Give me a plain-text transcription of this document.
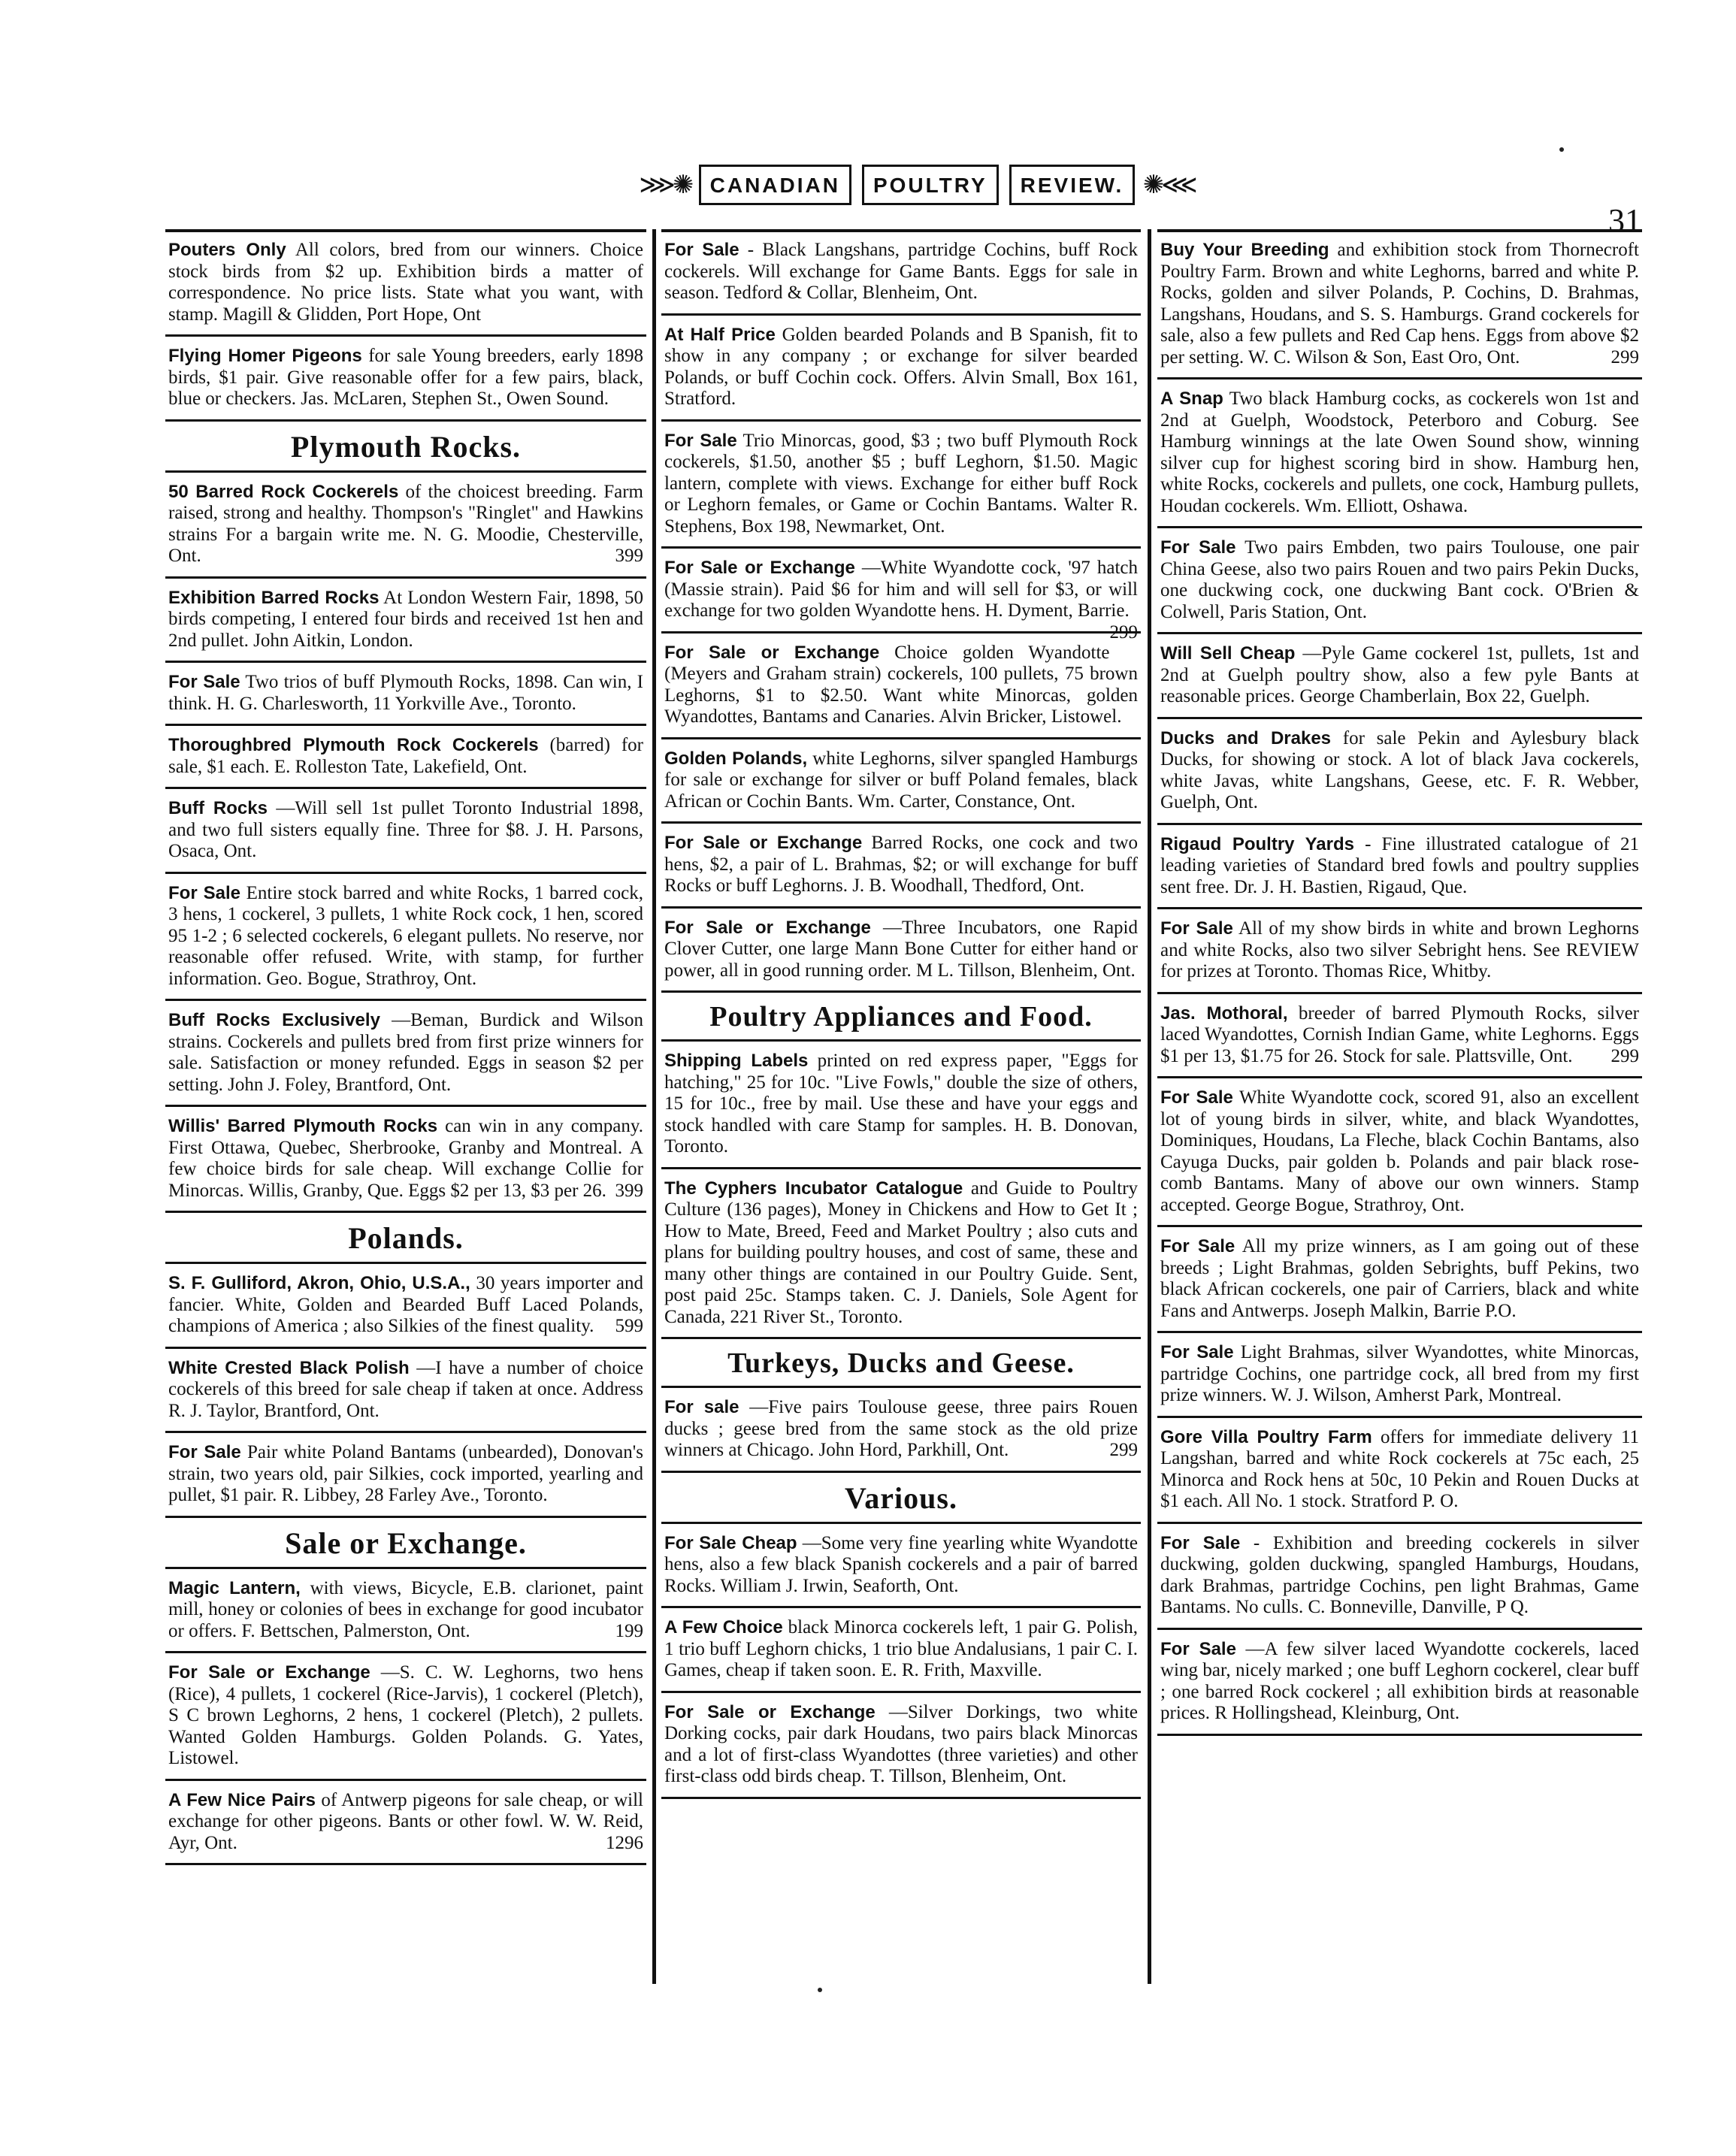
⋙✺ CANADIAN	POULTRY	REVIEW. ✺⋘
31
Pouters Only All colors, bred from our winners. Choice stock birds from $2 up. Exhibition birds a matter of correspondence. No price lists. State what you want, with stamp. Magill & Glidden, Port Hope, Ont
Flying Homer Pigeons for sale Young breeders, early 1898 birds, $1 pair. Give reasonable offer for a few pairs, black, blue or checkers. Jas. McLaren, Stephen St., Owen Sound.
Plymouth Rocks.
50 Barred Rock Cockerels of the choicest breeding. Farm raised, strong and healthy. Thompson's "Ringlet" and Hawkins strains For a bargain write me. N. G. Moodie, Chesterville, Ont.	399
Exhibition Barred Rocks At London Western Fair, 1898, 50 birds competing, I entered four birds and received 1st hen and 2nd pullet. John Aitkin, London.
For Sale Two trios of buff Plymouth Rocks, 1898. Can win, I think. H. G. Charlesworth, 11 Yorkville Ave., Toronto.
Thoroughbred Plymouth Rock Cockerels (barred) for sale, $1 each. E. Rolleston Tate, Lakefield, Ont.
Buff Rocks —Will sell 1st pullet Toronto Industrial 1898, and two full sisters equally fine. Three for $8. J. H. Parsons, Osaca, Ont.
For Sale Entire stock barred and white Rocks, 1 barred cock, 3 hens, 1 cockerel, 3 pullets, 1 white Rock cock, 1 hen, scored 95 1-2 ; 6 selected cockerels, 6 elegant pullets. No reserve, nor reasonable offer refused. Write, with stamp, for further information. Geo. Bogue, Strathroy, Ont.
Buff Rocks Exclusively —Beman, Burdick and Wilson strains. Cockerels and pullets bred from first prize winners for sale. Satisfaction or money refunded. Eggs in season $2 per setting. John J. Foley, Brantford, Ont.
Willis' Barred Plymouth Rocks can win in any company. First Ottawa, Quebec, Sherbrooke, Granby and Montreal. A few choice birds for sale cheap. Will exchange Collie for Minorcas. Willis, Granby, Que. Eggs $2 per 13, $3 per 26. 399
Polands.
S. F. Gulliford, Akron, Ohio, U.S.A., 30 years importer and fancier. White, Golden and Bearded Buff Laced Polands, champions of America ; also Silkies of the finest quality. 599
White Crested Black Polish —I have a number of choice cockerels of this breed for sale cheap if taken at once. Address R. J. Taylor, Brantford, Ont.
For Sale Pair white Poland Bantams (unbearded), Donovan's strain, two years old, pair Silkies, cock imported, yearling and pullet, $1 pair. R. Libbey, 28 Farley Ave., Toronto.
Sale or Exchange.
Magic Lantern, with views, Bicycle, E.B. clarionet, paint mill, honey or colonies of bees in exchange for good incubator or offers. F. Bettschen, Palmerston, Ont.	199
For Sale or Exchange —S. C. W. Leghorns, two hens (Rice), 4 pullets, 1 cockerel (Rice-Jarvis), 1 cockerel (Pletch), S C brown Leghorns, 2 hens, 1 cockerel (Pletch), 2 pullets. Wanted Golden Hamburgs. Golden Polands. G. Yates, Listowel.
A Few Nice Pairs of Antwerp pigeons for sale cheap, or will exchange for other pigeons. Bants or other fowl. W. W. Reid, Ayr, Ont.	1296
For Sale - Black Langshans, partridge Cochins, buff Rock cockerels. Will exchange for Game Bants. Eggs for sale in season. Tedford & Collar, Blenheim, Ont.
At Half Price Golden bearded Polands and B Spanish, fit to show in any company ; or exchange for silver bearded Polands, or buff Cochin cock. Offers. Alvin Small, Box 161, Stratford.
For Sale Trio Minorcas, good, $3 ; two buff Plymouth Rock cockerels, $1.50, another $5 ; buff Leghorn, $1.50. Magic lantern, complete with views. Exchange for either buff Rock or Leghorn females, or Game or Cochin Bantams. Walter R. Stephens, Box 198, Newmarket, Ont.
For Sale or Exchange —White Wyandotte cock, '97 hatch (Massie strain). Paid $6 for him and will sell for $3, or will exchange for two golden Wyandotte hens. H. Dyment, Barrie.
299
For Sale or Exchange Choice golden Wyandotte (Meyers and Graham strain) cockerels, 100 pullets, 75 brown Leghorns, $1 to $2.50. Want white Minorcas, golden Wyandottes, Bantams and Canaries. Alvin Bricker, Listowel.
Golden Polands, white Leghorns, silver spangled Hamburgs for sale or exchange for silver or buff Poland females, black African or Cochin Bants. Wm. Carter, Constance, Ont.
For Sale or Exchange Barred Rocks, one cock and two hens, $2, a pair of L. Brahmas, $2; or will exchange for buff Rocks or buff Leghorns. J. B. Woodhall, Thedford, Ont.
For Sale or Exchange —Three Incubators, one Rapid Clover Cutter, one large Mann Bone Cutter for either hand or power, all in good running order. M L. Tillson, Blenheim, Ont.
Poultry Appliances and Food.
Shipping Labels printed on red express paper, "Eggs for hatching," 25 for 10c. "Live Fowls," double the size of others, 15 for 10c., free by mail. Use these and have your eggs and stock handled with care Stamp for samples. H. B. Donovan, Toronto.
The Cyphers Incubator Catalogue and Guide to Poultry Culture (136 pages), Money in Chickens and How to Get It ; How to Mate, Breed, Feed and Market Poultry ; also cuts and plans for building poultry houses, and cost of same, these and many other things are contained in our Poultry Guide. Sent, post paid 25c. Stamps taken. C. J. Daniels, Sole Agent for Canada, 221 River St., Toronto.
Turkeys, Ducks and Geese.
For sale —Five pairs Toulouse geese, three pairs Rouen ducks ; geese bred from the same stock as the old prize winners at Chicago. John Hord, Parkhill, Ont.	299
Various.
For Sale Cheap —Some very fine yearling white Wyandotte hens, also a few black Spanish cockerels and a pair of barred Rocks. William J. Irwin, Seaforth, Ont.
A Few Choice black Minorca cockerels left, 1 pair G. Polish, 1 trio buff Leghorn chicks, 1 trio blue Andalusians, 1 pair C. I. Games, cheap if taken soon. E. R. Frith, Maxville.
For Sale or Exchange —Silver Dorkings, two white Dorking cocks, pair dark Houdans, two pairs black Minorcas and a lot of first-class Wyandottes (three varieties) and other first-class odd birds cheap. T. Tillson, Blenheim, Ont.
Buy Your Breeding and exhibition stock from Thornecroft Poultry Farm. Brown and white Leghorns, barred and white P. Rocks, golden and silver Polands, P. Cochins, D. Brahmas, Langshans, Houdans, and S. S. Hamburgs. Grand cockerels for sale, also a few pullets and Red Cap hens. Eggs from above $2 per setting. W. C. Wilson & Son, East Oro, Ont.	299
A Snap Two black Hamburg cocks, as cockerels won 1st and 2nd at Guelph, Woodstock, Peterboro and Coburg. See Hamburg winnings at the late Owen Sound show, winning silver cup for highest scoring bird in show. Hamburg hen, white Rocks, cockerels and pullets, one cock, Hamburg pullets, Houdan cockerels. Wm. Elliott, Oshawa.
For Sale Two pairs Embden, two pairs Toulouse, one pair China Geese, also two pairs Rouen and two pairs Pekin Ducks, one duckwing cock, one duckwing Bant cock. O'Brien & Colwell, Paris Station, Ont.
Will Sell Cheap —Pyle Game cockerel 1st, pullets, 1st and 2nd at Guelph poultry show, also a few pyle Bants at reasonable prices. George Chamberlain, Box 22, Guelph.
Ducks and Drakes for sale Pekin and Aylesbury black Ducks, for showing or stock. A lot of black Java cockerels, white Javas, white Langshans, Geese, etc. F. R. Webber, Guelph, Ont.
Rigaud Poultry Yards - Fine illustrated catalogue of 21 leading varieties of Standard bred fowls and poultry supplies sent free. Dr. J. H. Bastien, Rigaud, Que.
For Sale All of my show birds in white and brown Leghorns and white Rocks, also two silver Sebright hens. See REVIEW for prizes at Toronto. Thomas Rice, Whitby.
Jas. Mothoral, breeder of barred Plymouth Rocks, silver laced Wyandottes, Cornish Indian Game, white Leghorns. Eggs $1 per 13, $1.75 for 26. Stock for sale. Plattsville, Ont. 299
For Sale White Wyandotte cock, scored 91, also an excellent lot of young birds in silver, white, and black Wyandottes, Dominiques, Houdans, La Fleche, black Cochin Bantams, also Cayuga Ducks, pair golden b. Polands and pair black rose-comb Bantams. Many of above our own winners. Stamp accepted. George Bogue, Strathroy, Ont.
For Sale All my prize winners, as I am going out of these breeds ; Light Brahmas, golden Sebrights, buff Pekins, two black African cockerels, one pair of Carriers, black and white Fans and Antwerps. Joseph Malkin, Barrie P.O.
For Sale Light Brahmas, silver Wyandottes, white Minorcas, partridge Cochins, one partridge cock, all bred from my first prize winners. W. J. Wilson, Amherst Park, Montreal.
Gore Villa Poultry Farm offers for immediate delivery 11 Langshan, barred and white Rock cockerels at 75c each, 25 Minorca and Rock hens at 50c, 10 Pekin and Rouen Ducks at $1 each. All No. 1 stock. Stratford P. O.
For Sale - Exhibition and breeding cockerels in silver duckwing, golden duckwing, spangled Hamburgs, Houdans, dark Brahmas, partridge Cochins, pen light Brahmas, Game Bantams. No culls. C. Bonneville, Danville, P Q.
For Sale —A few silver laced Wyandotte cockerels, laced wing bar, nicely marked ; one buff Leghorn cockerel, clear buff ; one barred Rock cockerel ; all exhibition birds at reasonable prices. R Hollingshead, Kleinburg, Ont.
